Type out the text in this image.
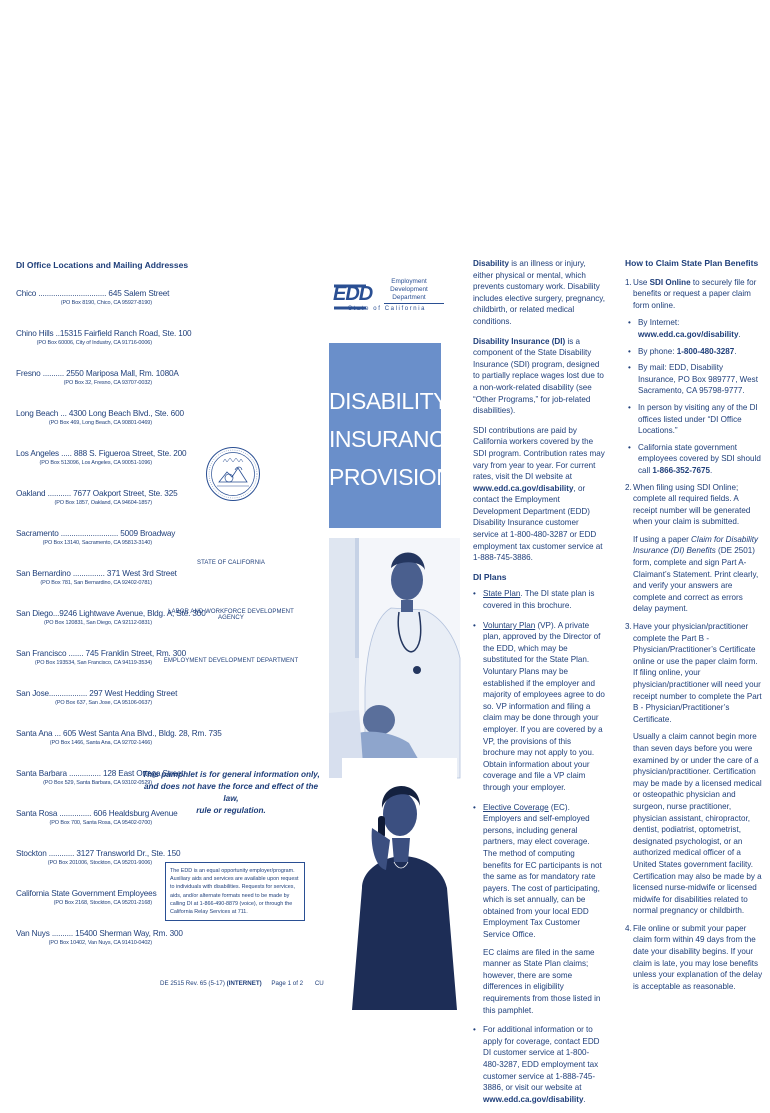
DI Office Locations and Mailing Addresses
Chico ................................ 645 Salem Street
(PO Box 8190, Chico, CA 95927-8190)
Chino Hills ..15315 Fairfield Ranch Road, Ste. 100
(PO Box 60006, City of Industry, CA 91716-0006)
Fresno .......... 2550 Mariposa Mall, Rm. 1080A
(PO Box 32, Fresno, CA 93707-0032)
Long Beach ... 4300 Long Beach Blvd., Ste. 600
(PO Box 469, Long Beach, CA 90801-0469)
Los Angeles ..... 888 S. Figueroa Street, Ste. 200
(PO Box 513096, Los Angeles, CA 90051-1096)
Oakland ........... 7677 Oakport Street, Ste. 325
(PO Box 1857, Oakland, CA 94604-1857)
Sacramento ........................... 5009 Broadway
(PO Box 13140, Sacramento, CA 95813-3140)
San Bernardino ............... 371 West 3rd Street
(PO Box 781, San Bernardino, CA 92402-0781)
San Diego...9246 Lightwave Avenue, Bldg. A, Ste. 300
(PO Box 120831, San Diego, CA 92112-0831)
San Francisco ....... 745 Franklin Street, Rm. 300
(PO Box 193534, San Francisco, CA 94119-3534)
San Jose.................. 297 West Hedding Street
(PO Box 637, San Jose, CA 95106-0637)
Santa Ana ... 605 West Santa Ana Blvd., Bldg. 28, Rm. 735
(PO Box 1466, Santa Ana, CA 92702-1466)
Santa Barbara ............... 128 East Ortega Street
(PO Box 529, Santa Barbara, CA 93102-0529)
Santa Rosa ............... 606 Healdsburg Avenue
(PO Box 700, Santa Rosa, CA 95402-0700)
Stockton ............ 3127 Transworld Dr., Ste. 150
(PO Box 201006, Stockton, CA 95201-9006)
California State Government Employees
(PO Box 2168, Stockton, CA 95201-2168)
Van Nuys .......... 15400 Sherman Way, Rm. 300
(PO Box 10402, Van Nuys, CA 91410-0402)
STATE OF CALIFORNIA
LABOR AND WORKFORCE DEVELOPMENT AGENCY
EMPLOYMENT DEVELOPMENT DEPARTMENT
This pamphlet is for general information only,
and does not have the force and effect of the law,
rule or regulation.
The EDD is an equal opportunity employer/program. Auxiliary aids and services are available upon request to individuals with disabilities. Requests for services, aids, and/or alternate formats need to be made by calling DI at 1-866-490-8879 (voice), or through the California Relay Services at 711.
DE 2515 Rev. 65 (5-17) (INTERNET) Page 1 of 2 CU
EDD
Employment
Development
Department
State of California
DISABILITY
INSURANCE
PROVISIONS

Disability is an illness or injury, either physical or mental, which prevents customary work. Disability includes elective surgery, pregnancy, childbirth, or related medical conditions.

Disability Insurance (DI) is a component of the State Disability Insurance (SDI) program, designed to partially replace wages lost due to a non-work-related disability (see “Other Programs,” for job-related disabilities).

SDI contributions are paid by California workers covered by the SDI program. Contribution rates may vary from year to year. For current rates, visit the DI website at www.edd.ca.gov/disability, or contact the Employment Development Department (EDD) Disability Insurance customer service at 1-800-480-3287 or EDD employment tax customer service at 1-888-745-3886.

DI Plans
• State Plan. The DI state plan is covered in this brochure.
• Voluntary Plan (VP). A private plan, approved by the Director of the EDD, which may be substituted for the State Plan. Voluntary Plans may be established if the employer and majority of employees agree to do so. VP information and filing a claim may be done through your employer. If you are covered by a VP, the provisions of this brochure may not apply to you. Obtain information about your coverage and file a VP claim through your employer.
• Elective Coverage (EC). Employers and self-employed persons, including general partners, may elect coverage. The method of computing benefits for EC participants is not the same as for mandatory rate payers. The cost of participating, which is set annually, can be obtained from your local EDD Employment Tax Customer Service Office.
EC claims are filed in the same manner as State Plan claims; however, there are some differences in eligibility requirements from those listed in this pamphlet.
• For additional information or to apply for coverage, contact EDD DI customer service at 1-800-480-3287, EDD employment tax customer service at 1-888-745-3886, or visit our website at www.edd.ca.gov/disability.
How to Claim State Plan Benefits
1. Use SDI Online to securely file for benefits or request a paper claim form online.
• By Internet: www.edd.ca.gov/disability.
• By phone: 1-800-480-3287.
• By mail: EDD, Disability Insurance, PO Box 989777, West Sacramento, CA 95798-9777.
• In person by visiting any of the DI offices listed under “DI Office Locations.”
• California state government employees covered by SDI should call 1-866-352-7675.
2. When filing using SDI Online; complete all required fields. A receipt number will be generated when your claim is submitted.
If using a paper Claim for Disability Insurance (DI) Benefits (DE 2501) form, complete and sign Part A-Claimant’s Statement. Print clearly, and verify your answers are complete and correct as errors delay payment.
3. Have your physician/practitioner complete the Part B - Physician/Practitioner’s Certificate online or use the paper claim form. If filing online, your physician/practitioner will need your receipt number to complete the Part B - Physician/Practitioner’s Certificate.
Usually a claim cannot begin more than seven days before you were examined by or under the care of a physician/practitioner. Certification may be made by a licensed medical or osteopathic physician and surgeon, nurse practitioner, physician assistant, chiropractor, dentist, podiatrist, optometrist, designated psychologist, or an authorized medical officer of a United States government facility. Certification may also be made by a licensed nurse-midwife or licensed midwife for disabilities related to normal pregnancy or childbirth.
4. File online or submit your paper claim form within 49 days from the date your disability begins. If your claim is late, you may lose benefits unless your explanation of the delay is acceptable as reasonable.
